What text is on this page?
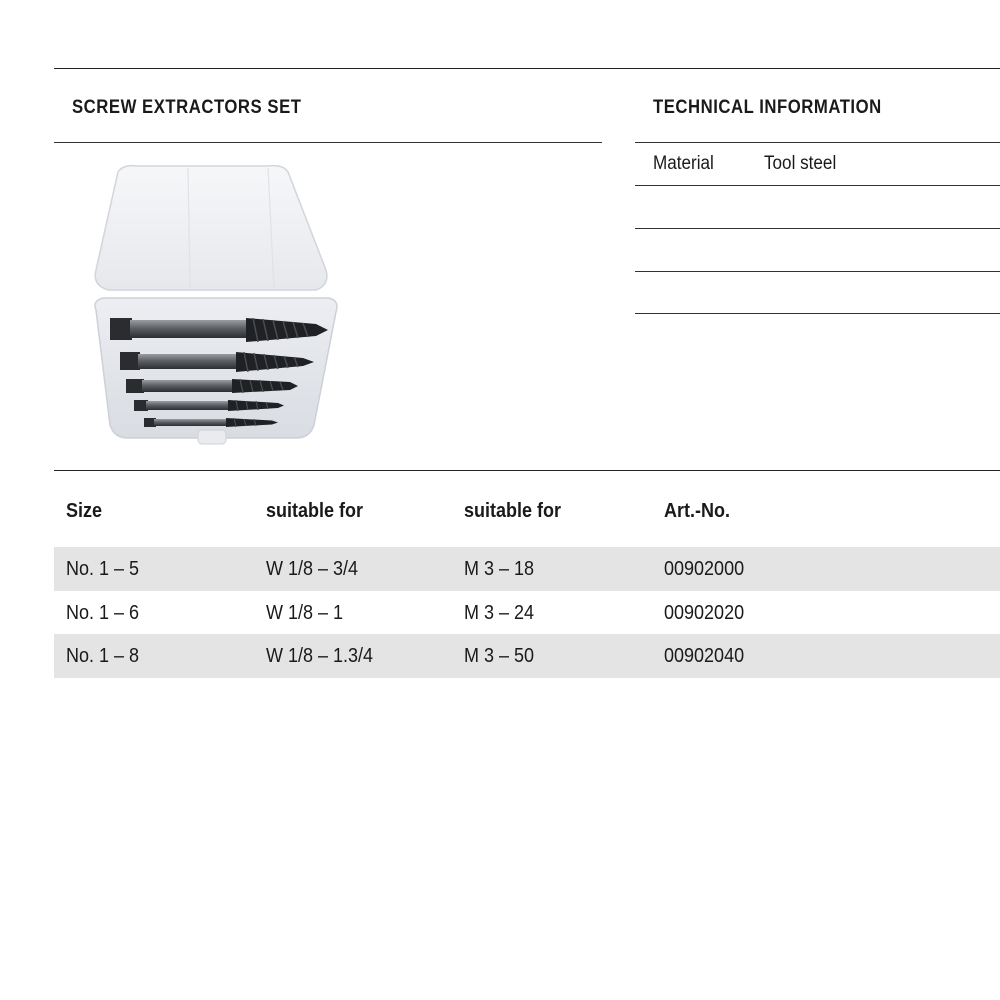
SCREW EXTRACTORS SET	TECHNICAL INFORMATION
Material	Tool steel
Size	suitable for	suitable for	Art.-No.
No. 1 – 5	W 1/8 – 3/4	M 3 – 18	00902000
No. 1 – 6	W 1/8 – 1	M 3 – 24	00902020
No. 1 – 8	W 1/8 – 1.3/4	M 3 – 50	00902040
